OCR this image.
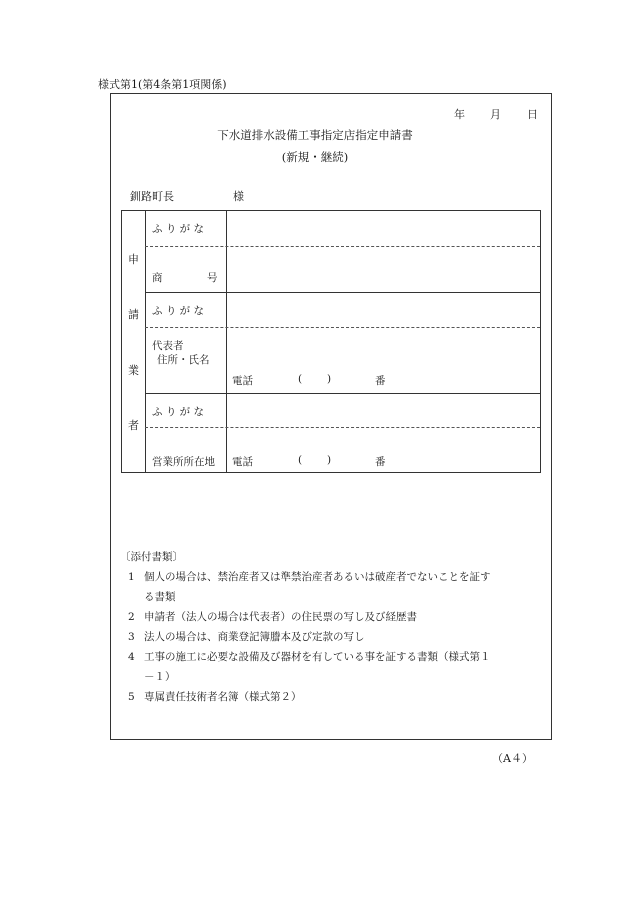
様式第1(第4条第1項関係)
年 月 日
下水道排水設備工事指定店指定申請書
(新規・継続)
釧路町長	様
申
請
業
者
ふ り が な
商	号
ふ り が な
代表者
住所・氏名
電話	( )	番
ふ り が な
営業所所在地 電話	( )	番
〔添付書類〕
1 個人の場合は、禁治産者又は準禁治産者あるいは破産者でないことを証す
る書類
2 申請者（法人の場合は代表者）の住民票の写し及び経歴書
3 法人の場合は、商業登記簿謄本及び定款の写し
4 工事の施工に必要な設備及び器材を有している事を証する書類（様式第１
－１）
5 専属責任技術者名簿（様式第２）
（A４）
